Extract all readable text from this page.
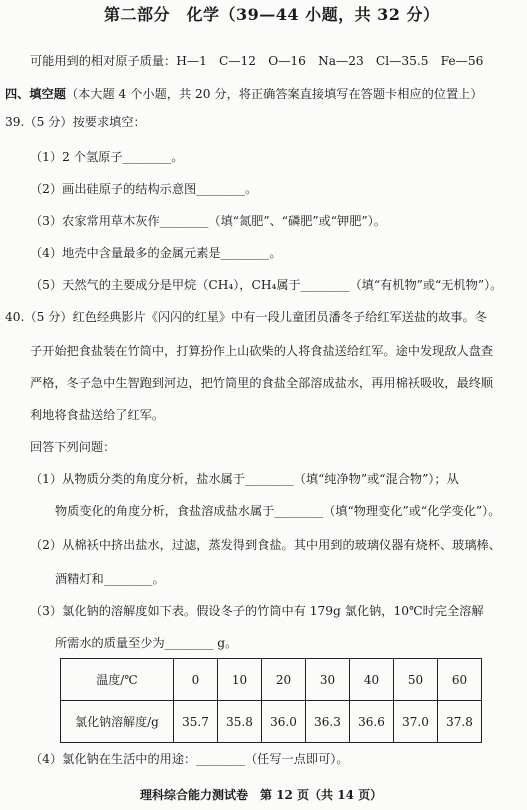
第二部分　化学（39—44 小题，共 32 分）
可能用到的相对原子质量：H—1　C—12　O—16　Na—23　Cl—35.5　Fe—56
四、填空题（本大题 4 个小题，共 20 分，将正确答案直接填写在答题卡相应的位置上）
39.（5 分）按要求填空：
（1）2 个氢原子________。
（2）画出硅原子的结构示意图________。
（3）农家常用草木灰作________（填“氮肥”、“磷肥”或“钾肥”）。
（4）地壳中含量最多的金属元素是________。
（5）天然气的主要成分是甲烷（CH₄），CH₄属于________（填“有机物”或“无机物”）。
40.（5 分）红色经典影片《闪闪的红星》中有一段儿童团员潘冬子给红军送盐的故事。冬
子开始把食盐装在竹筒中，打算扮作上山砍柴的人将食盐送给红军。途中发现敌人盘查
严格，冬子急中生智跑到河边，把竹筒里的食盐全部溶成盐水，再用棉袄吸收，最终顺
利地将食盐送给了红军。
回答下列问题：
（1）从物质分类的角度分析，盐水属于________（填“纯净物”或“混合物”）；从
物质变化的角度分析，食盐溶成盐水属于________（填“物理变化”或“化学变化”）。
（2）从棉袄中挤出盐水，过滤，蒸发得到食盐。其中用到的玻璃仪器有烧杯、玻璃棒、
酒精灯和________。
（3）氯化钠的溶解度如下表。假设冬子的竹筒中有 179g 氯化钠，10℃时完全溶解
所需水的质量至少为________ g。
温度/℃	0	10	20	30	40	50	60
氯化钠溶解度/g	35.7	35.8	36.0	36.3	36.6	37.0	37.8
（4）氯化钠在生活中的用途：________（任写一点即可）。
理科综合能力测试卷　第 12 页（共 14 页）
